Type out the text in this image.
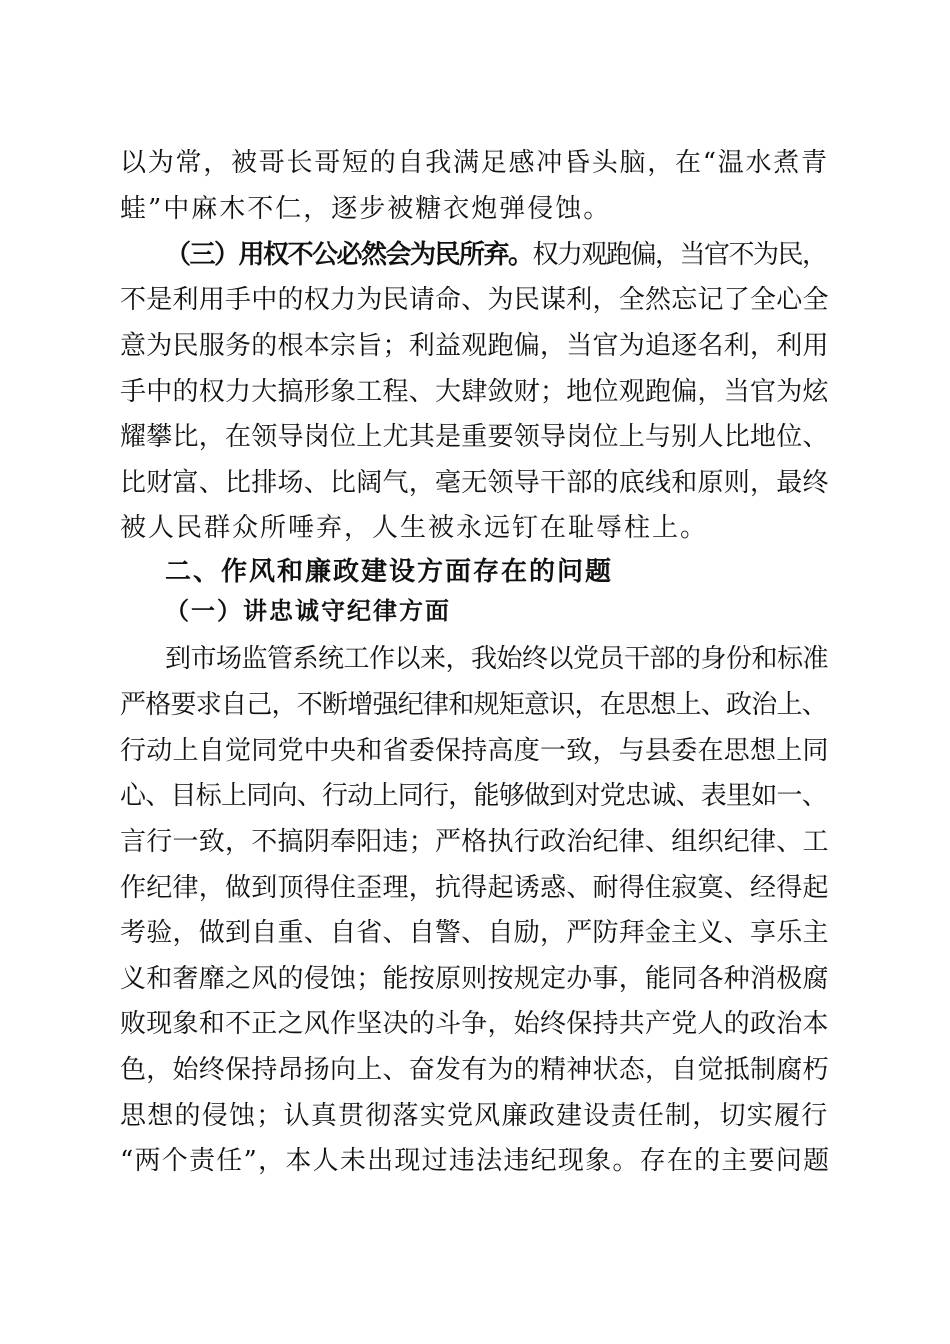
以为常，被哥长哥短的自我满足感冲昏头脑，在“温水煮青
蛙”中麻木不仁，逐步被糖衣炮弹侵蚀。
（三）用权不公必然会为民所弃。权力观跑偏，当官不为民，
不是利用手中的权力为民请命、为民谋利，全然忘记了全心全
意为民服务的根本宗旨；利益观跑偏，当官为追逐名利，利用
手中的权力大搞形象工程、大肆敛财；地位观跑偏，当官为炫
耀攀比，在领导岗位上尤其是重要领导岗位上与别人比地位、
比财富、比排场、比阔气，毫无领导干部的底线和原则，最终
被人民群众所唾弃，人生被永远钉在耻辱柱上。
二、作风和廉政建设方面存在的问题
（一）讲忠诚守纪律方面
到市场监管系统工作以来，我始终以党员干部的身份和标准
严格要求自己，不断增强纪律和规矩意识，在思想上、政治上、
行动上自觉同党中央和省委保持高度一致，与县委在思想上同
心、目标上同向、行动上同行，能够做到对党忠诚、表里如一、
言行一致，不搞阴奉阳违；严格执行政治纪律、组织纪律、工
作纪律，做到顶得住歪理，抗得起诱惑、耐得住寂寞、经得起
考验，做到自重、自省、自警、自励，严防拜金主义、享乐主
义和奢靡之风的侵蚀；能按原则按规定办事，能同各种消极腐
败现象和不正之风作坚决的斗争，始终保持共产党人的政治本
色，始终保持昂扬向上、奋发有为的精神状态，自觉抵制腐朽
思想的侵蚀；认真贯彻落实党风廉政建设责任制，切实履行
“两个责任”，本人未出现过违法违纪现象。存在的主要问题
